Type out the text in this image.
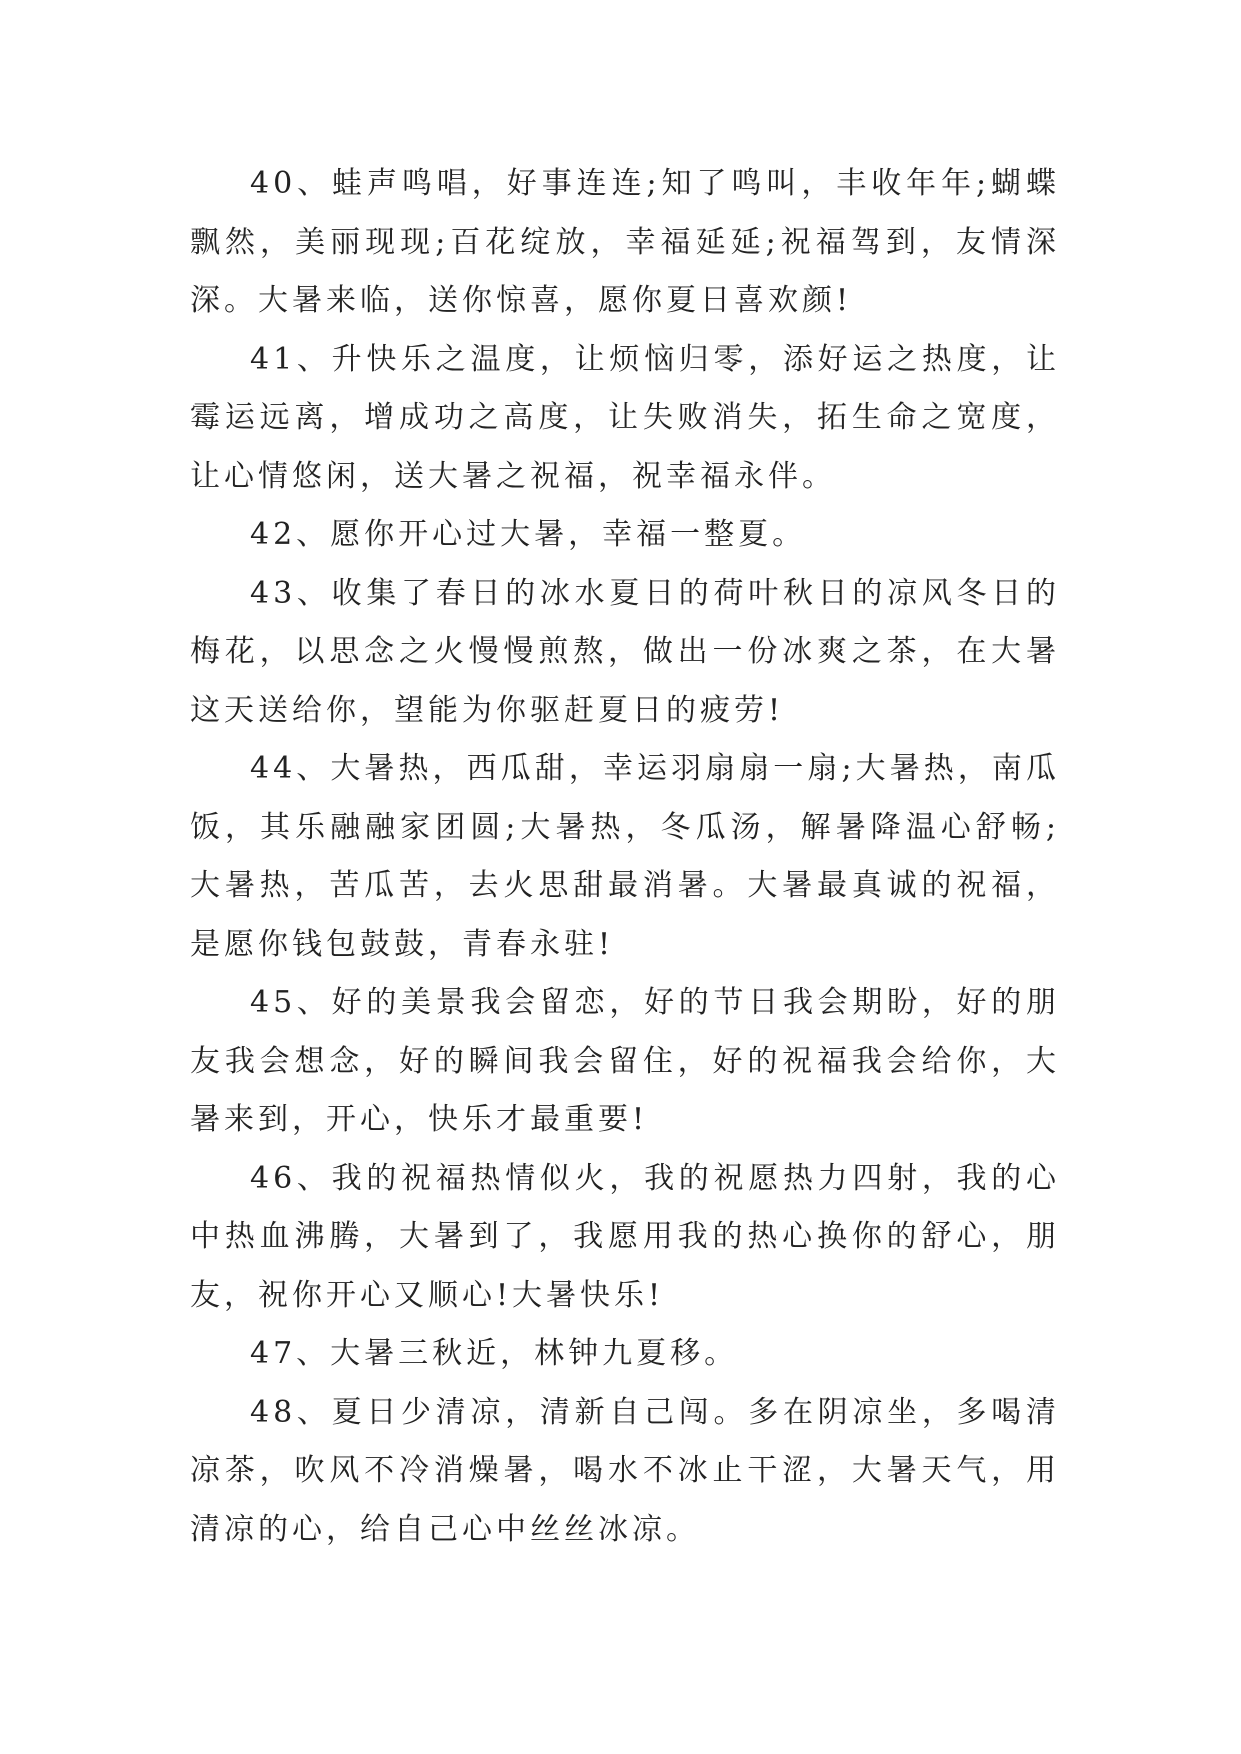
40、蛙声鸣唱，好事连连;知了鸣叫，丰收年年;蝴蝶飘然，美丽现现;百花绽放，幸福延延;祝福驾到，友情深深。大暑来临，送你惊喜，愿你夏日喜欢颜!

41、升快乐之温度，让烦恼归零，添好运之热度，让霉运远离，增成功之高度，让失败消失，拓生命之宽度，让心情悠闲，送大暑之祝福，祝幸福永伴。

42、愿你开心过大暑，幸福一整夏。

43、收集了春日的冰水夏日的荷叶秋日的凉风冬日的梅花，以思念之火慢慢煎熬，做出一份冰爽之茶，在大暑这天送给你，望能为你驱赶夏日的疲劳!

44、大暑热，西瓜甜，幸运羽扇扇一扇;大暑热，南瓜饭，其乐融融家团圆;大暑热，冬瓜汤，解暑降温心舒畅;大暑热，苦瓜苦，去火思甜最消暑。大暑最真诚的祝福，是愿你钱包鼓鼓，青春永驻!

45、好的美景我会留恋，好的节日我会期盼，好的朋友我会想念，好的瞬间我会留住，好的祝福我会给你，大暑来到，开心，快乐才最重要!

46、我的祝福热情似火，我的祝愿热力四射，我的心中热血沸腾，大暑到了，我愿用我的热心换你的舒心，朋友，祝你开心又顺心!大暑快乐!

47、大暑三秋近，林钟九夏移。

48、夏日少清凉，清新自己闯。多在阴凉坐，多喝清凉茶，吹风不冷消燥暑，喝水不冰止干涩，大暑天气，用清凉的心，给自己心中丝丝冰凉。
